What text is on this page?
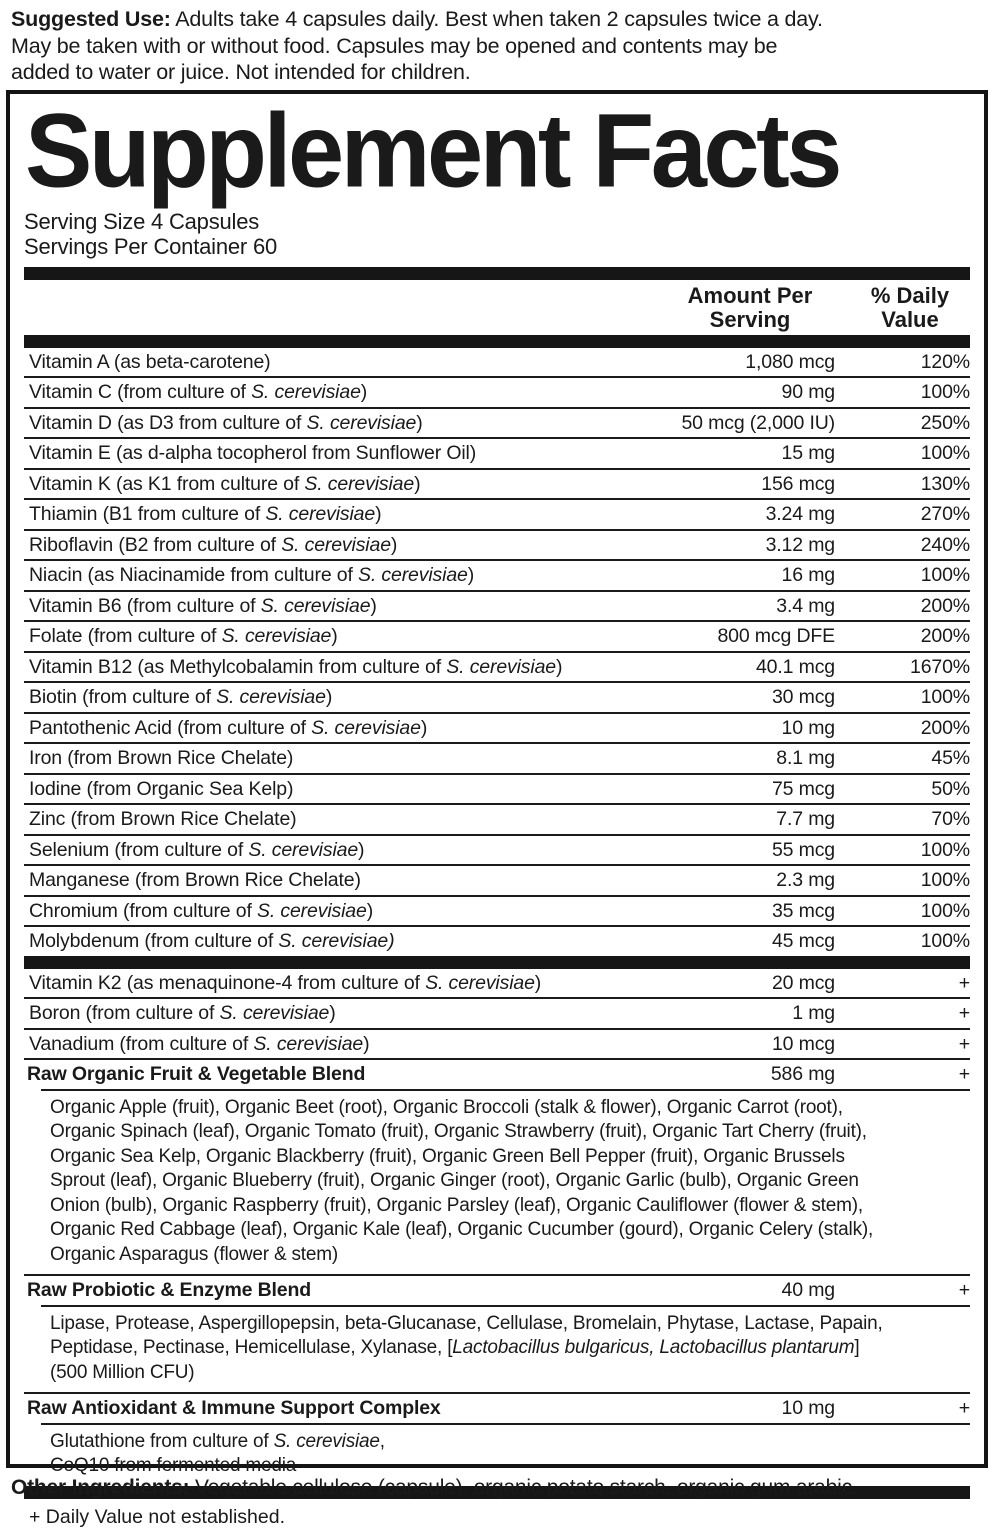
Suggested Use: Adults take 4 capsules daily. Best when taken 2 capsules twice a day.
May be taken with or without food. Capsules may be opened and contents may be
added to water or juice. Not intended for children.
Supplement Facts
Serving Size 4 Capsules
Servings Per Container 60
Amount Per
Serving
% Daily
Value
Vitamin A (as beta-carotene)	1,080 mcg	120%
Vitamin C (from culture of S. cerevisiae)	90 mg	100%
Vitamin D (as D3 from culture of S. cerevisiae)	50 mcg (2,000 IU)	250%
Vitamin E (as d-alpha tocopherol from Sunflower Oil)	15 mg	100%
Vitamin K (as K1 from culture of S. cerevisiae)	156 mcg	130%
Thiamin (B1 from culture of S. cerevisiae)	3.24 mg	270%
Riboflavin (B2 from culture of S. cerevisiae)	3.12 mg	240%
Niacin (as Niacinamide from culture of S. cerevisiae)	16 mg	100%
Vitamin B6 (from culture of S. cerevisiae)	3.4 mg	200%
Folate (from culture of S. cerevisiae)	800 mcg DFE	200%
Vitamin B12 (as Methylcobalamin from culture of S. cerevisiae)	40.1 mcg	1670%
Biotin (from culture of S. cerevisiae)	30 mcg	100%
Pantothenic Acid (from culture of S. cerevisiae)	10 mg	200%
Iron (from Brown Rice Chelate)	8.1 mg	45%
Iodine (from Organic Sea Kelp)	75 mcg	50%
Zinc (from Brown Rice Chelate)	7.7 mg	70%
Selenium (from culture of S. cerevisiae)	55 mcg	100%
Manganese (from Brown Rice Chelate)	2.3 mg	100%
Chromium (from culture of S. cerevisiae)	35 mcg	100%
Molybdenum (from culture of S. cerevisiae)	45 mcg	100%
Vitamin K2 (as menaquinone-4 from culture of S. cerevisiae)	20 mcg	+
Boron (from culture of S. cerevisiae)	1 mg	+
Vanadium (from culture of S. cerevisiae)	10 mcg	+
Raw Organic Fruit & Vegetable Blend	586 mg	+
Organic Apple (fruit), Organic Beet (root), Organic Broccoli (stalk & flower), Organic Carrot (root),
Organic Spinach (leaf), Organic Tomato (fruit), Organic Strawberry (fruit), Organic Tart Cherry (fruit),
Organic Sea Kelp, Organic Blackberry (fruit), Organic Green Bell Pepper (fruit), Organic Brussels
Sprout (leaf), Organic Blueberry (fruit), Organic Ginger (root), Organic Garlic (bulb), Organic Green
Onion (bulb), Organic Raspberry (fruit), Organic Parsley (leaf), Organic Cauliflower (flower & stem),
Organic Red Cabbage (leaf), Organic Kale (leaf), Organic Cucumber (gourd), Organic Celery (stalk),
Organic Asparagus (flower & stem)
Raw Probiotic & Enzyme Blend	40 mg	+
Lipase, Protease, Aspergillopepsin, beta-Glucanase, Cellulase, Bromelain, Phytase, Lactase, Papain,
Peptidase, Pectinase, Hemicellulase, Xylanase, [Lactobacillus bulgaricus, Lactobacillus plantarum]
(500 Million CFU)
Raw Antioxidant & Immune Support Complex	10 mg	+
Glutathione from culture of S. cerevisiae,
CoQ10 from fermented media
+ Daily Value not established.
Other Ingredients: Vegetable cellulose (capsule), organic potato starch, organic gum arabic.
